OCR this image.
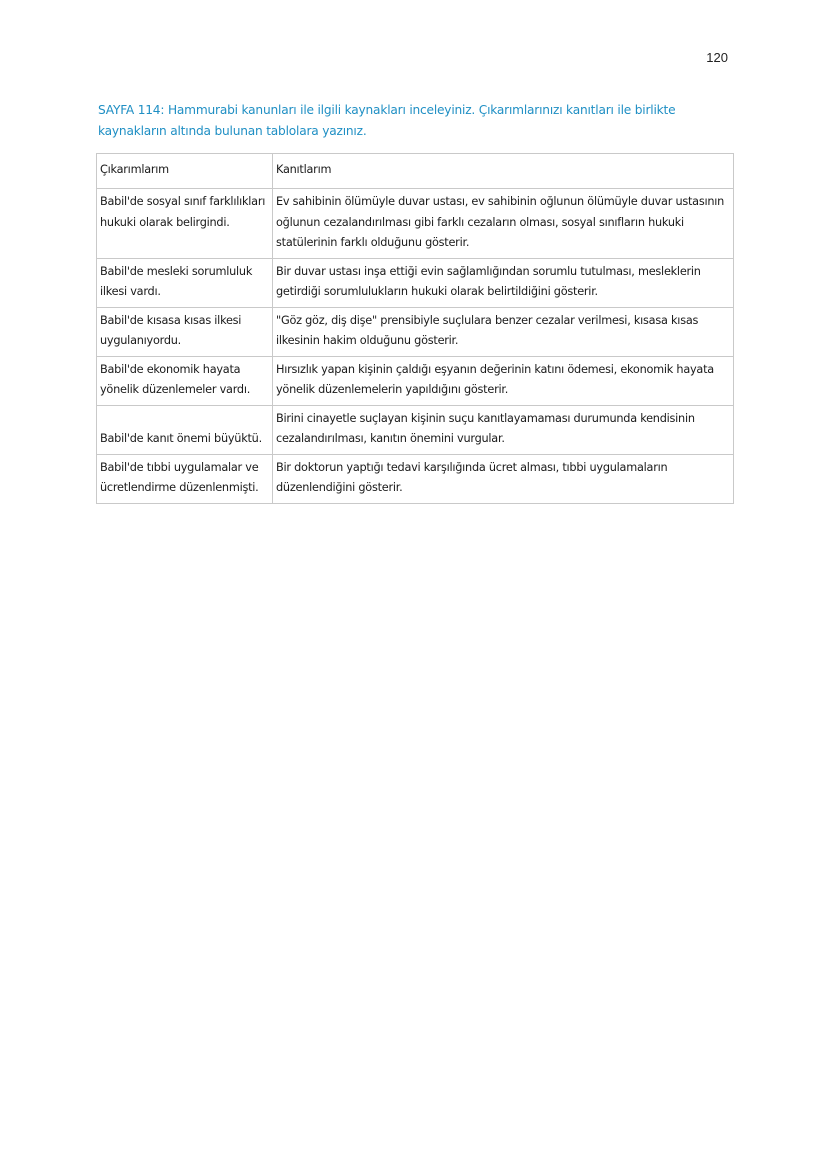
120
SAYFA 114: Hammurabi kanunları ile ilgili kaynakları inceleyiniz. Çıkarımlarınızı kanıtları ile birlikte kaynakların altında bulunan tablolara yazınız.
Çıkarımlarım	Kanıtlarım
Babil'de sosyal sınıf farklılıkları hukuki olarak belirgindi.	Ev sahibinin ölümüyle duvar ustası, ev sahibinin oğlunun ölümüyle duvar ustasının oğlunun cezalandırılması gibi farklı cezaların olması, sosyal sınıfların hukuki statülerinin farklı olduğunu gösterir.
Babil'de mesleki sorumluluk ilkesi vardı.	Bir duvar ustası inşa ettiği evin sağlamlığından sorumlu tutulması, mesleklerin getirdiği sorumlulukların hukuki olarak belirtildiğini gösterir.
Babil'de kısasa kısas ilkesi uygulanıyordu.	"Göz göz, diş dişe" prensibiyle suçlulara benzer cezalar verilmesi, kısasa kısas ilkesinin hakim olduğunu gösterir.
Babil'de ekonomik hayata yönelik düzenlemeler vardı.	Hırsızlık yapan kişinin çaldığı eşyanın değerinin katını ödemesi, ekonomik hayata yönelik düzenlemelerin yapıldığını gösterir.
Babil'de kanıt önemi büyüktü.	Birini cinayetle suçlayan kişinin suçu kanıtlayamaması durumunda kendisinin cezalandırılması, kanıtın önemini vurgular.
Babil'de tıbbi uygulamalar ve ücretlendirme düzenlenmişti.	Bir doktorun yaptığı tedavi karşılığında ücret alması, tıbbi uygulamaların düzenlendiğini gösterir.
